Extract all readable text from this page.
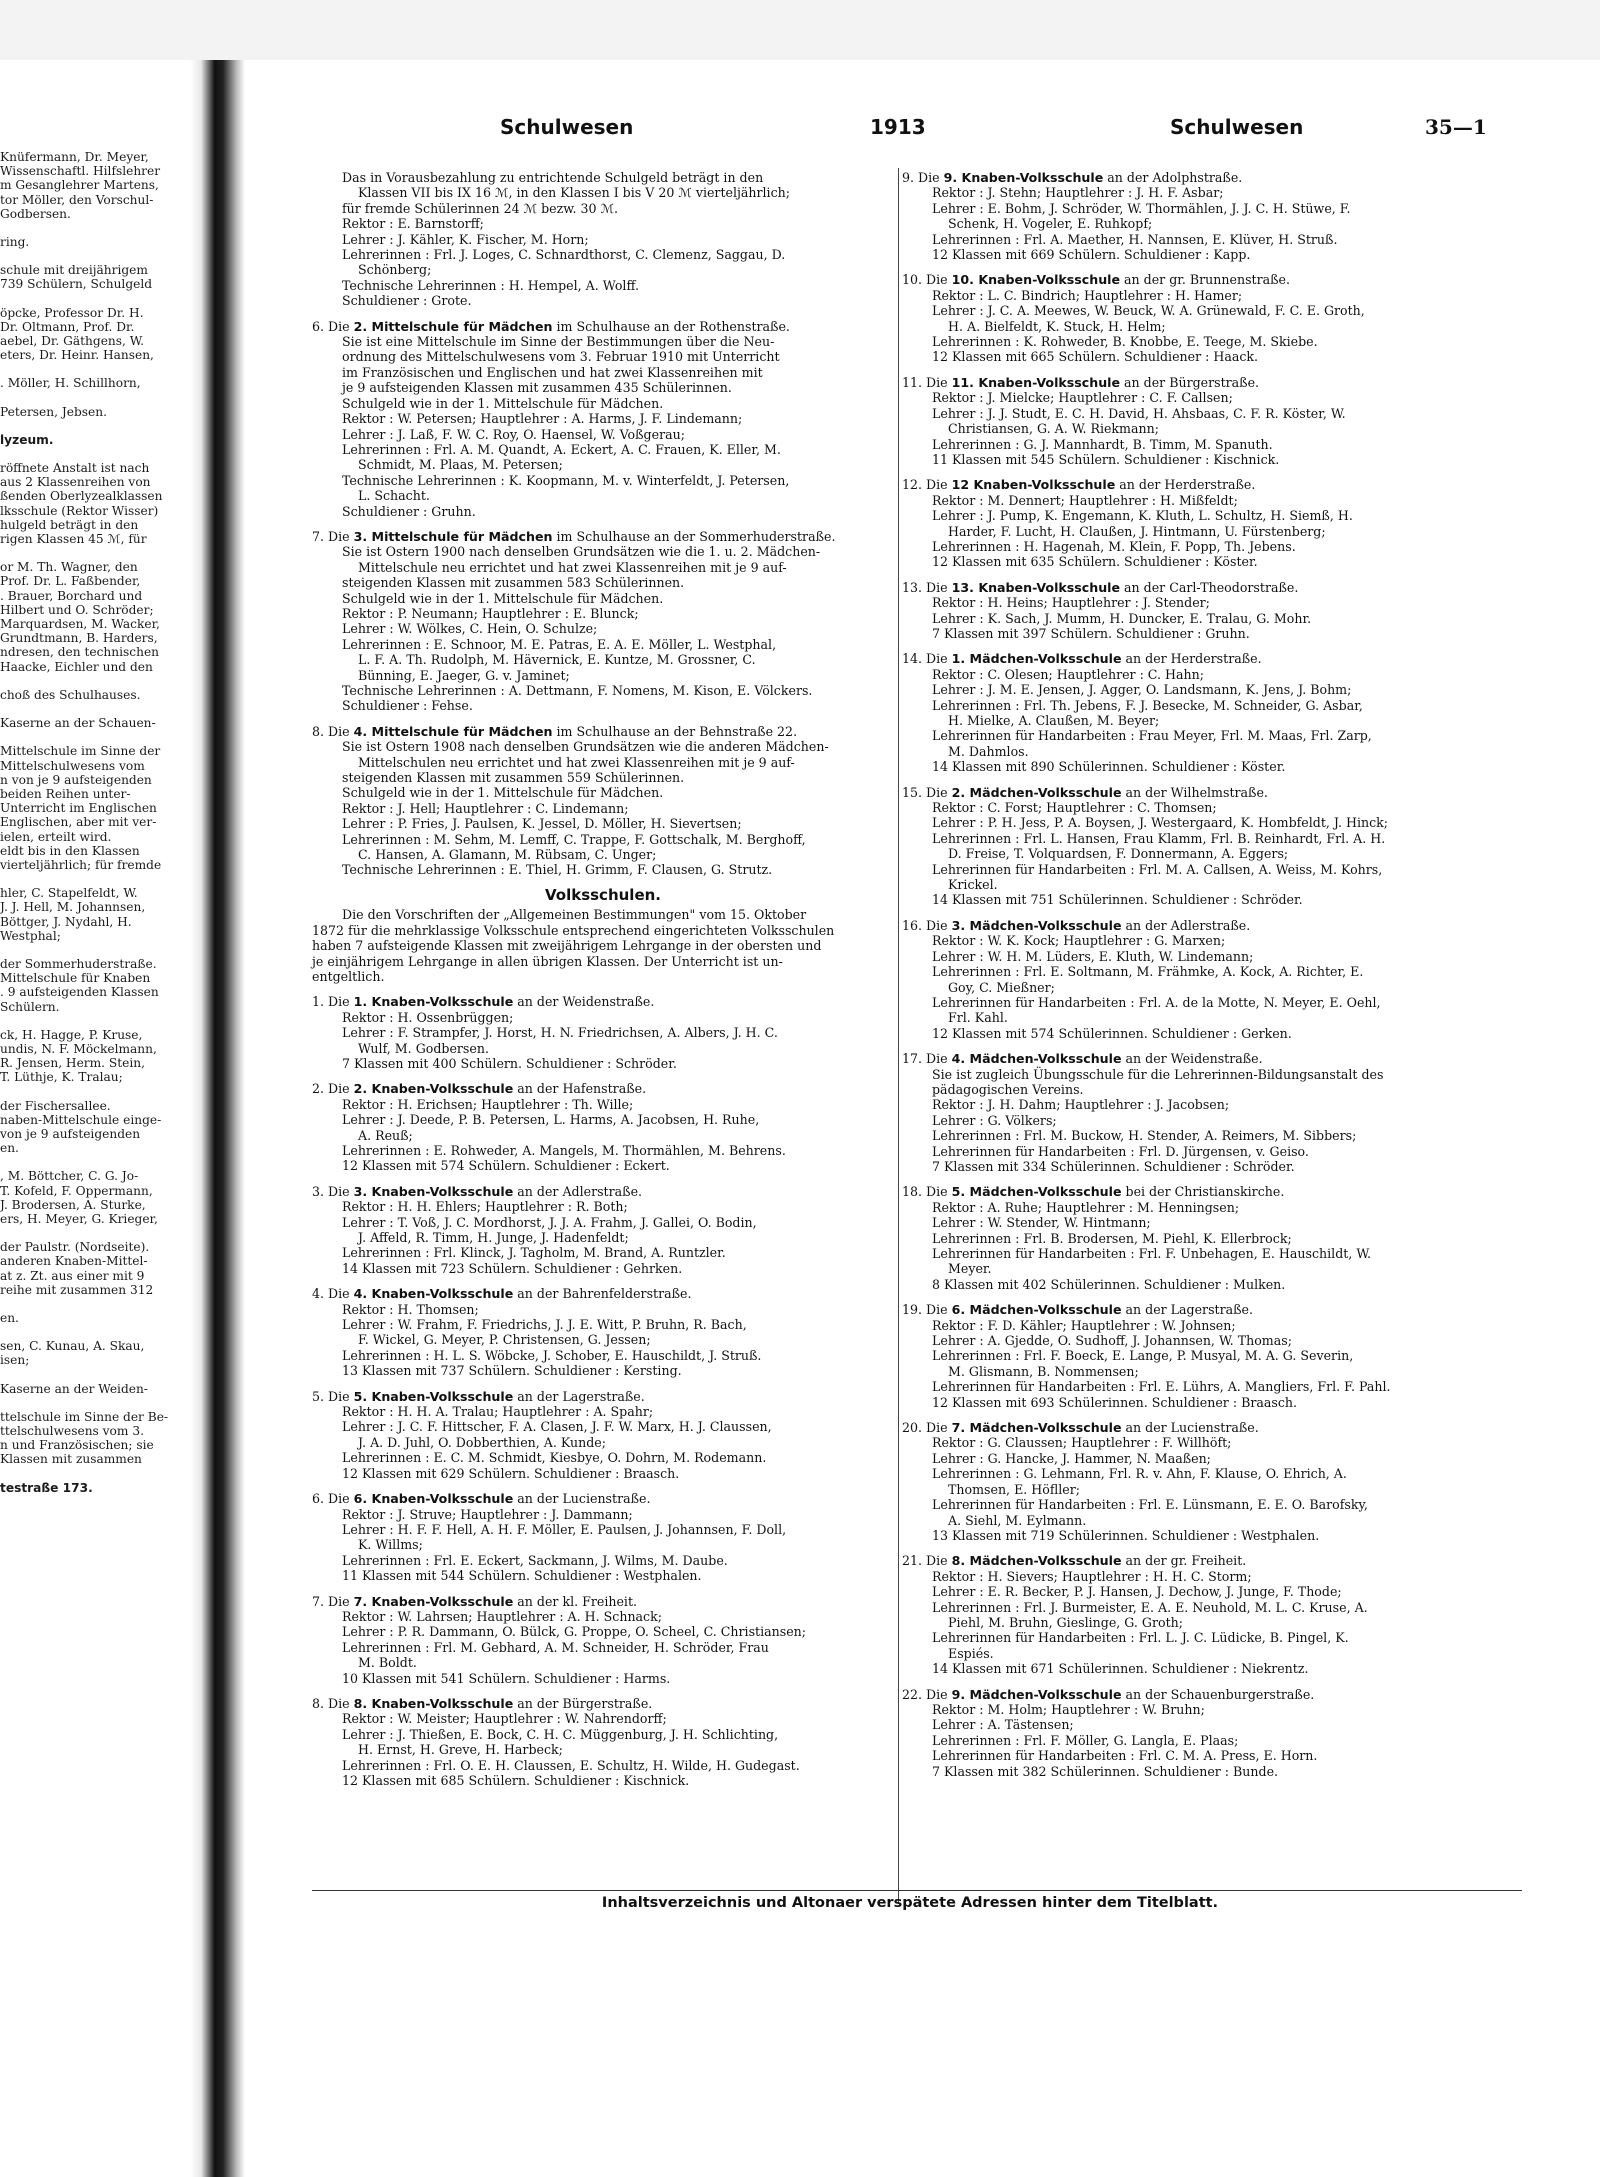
Knüfermann, Dr. Meyer,
Wissenschaftl. Hilfslehrer
m Gesanglehrer Martens,
tor Möller, den Vorschul-
Godbersen.
ring.
schule mit dreijährigem
739 Schülern, Schulgeld
öpcke, Professor Dr. H.
Dr. Oltmann, Prof. Dr.
aebel, Dr. Gäthgens, W.
eters, Dr. Heinr. Hansen,
. Möller, H. Schillhorn,
Petersen, Jebsen.
lyzeum.
röffnete Anstalt ist nach
aus 2 Klassenreihen von
ßenden Oberlyzealklassen
lksschule (Rektor Wisser)
hulgeld beträgt in den
rigen Klassen 45 ℳ, für
or M. Th. Wagner, den
Prof. Dr. L. Faßbender,
. Brauer, Borchard und
Hilbert und O. Schröder;
Marquardsen, M. Wacker,
Grundtmann, B. Harders,
ndresen, den technischen
Haacke, Eichler und den
choß des Schulhauses.
Kaserne an der Schauen-
Mittelschule im Sinne der
Mittelschulwesens vom
n von je 9 aufsteigenden
beiden Reihen unter-
Unterricht im Englischen
Englischen, aber mit ver-
ielen, erteilt wird.
eldt bis in den Klassen
vierteljährlich; für fremde
hler, C. Stapelfeldt, W.
J. J. Hell, M. Johannsen,
Böttger, J. Nydahl, H.
Westphal;
der Sommerhuderstraße.
Mittelschule für Knaben
. 9 aufsteigenden Klassen
Schülern.
ck, H. Hagge, P. Kruse,
undis, N. F. Möckelmann,
R. Jensen, Herm. Stein,
T. Lüthje, K. Tralau;
der Fischersallee.
naben-Mittelschule einge-
von je 9 aufsteigenden
en.
, M. Böttcher, C. G. Jo-
T. Kofeld, F. Oppermann,
J. Brodersen, A. Sturke,
ers, H. Meyer, G. Krieger,
der Paulstr. (Nordseite).
anderen Knaben-Mittel-
at z. Zt. aus einer mit 9
reihe mit zusammen 312
en.
sen, C. Kunau, A. Skau,
isen;
Kaserne an der Weiden-
ttelschule im Sinne der Be-
ttelschulwesens vom 3.
n und Französischen; sie
Klassen mit zusammen
testraße 173.
Schulwesen	1913	Schulwesen	35—1
Das in Vorausbezahlung zu entrichtende Schulgeld beträgt in den
Klassen VII bis IX 16 ℳ, in den Klassen I bis V 20 ℳ vierteljährlich;
für fremde Schülerinnen 24 ℳ bezw. 30 ℳ.
Rektor : E. Barnstorff;
Lehrer : J. Kähler, K. Fischer, M. Horn;
Lehrerinnen : Frl. J. Loges, C. Schnardthorst, C. Clemenz, Saggau, D.
Schönberg;
Technische Lehrerinnen : H. Hempel, A. Wolff.
Schuldiener : Grote.
6. Die 2. Mittelschule für Mädchen im Schulhause an der Rothenstraße.
Sie ist eine Mittelschule im Sinne der Bestimmungen über die Neu-
ordnung des Mittelschulwesens vom 3. Februar 1910 mit Unterricht
im Französischen und Englischen und hat zwei Klassenreihen mit
je 9 aufsteigenden Klassen mit zusammen 435 Schülerinnen.
Schulgeld wie in der 1. Mittelschule für Mädchen.
Rektor : W. Petersen; Hauptlehrer : A. Harms, J. F. Lindemann;
Lehrer : J. Laß, F. W. C. Roy, O. Haensel, W. Voßgerau;
Lehrerinnen : Frl. A. M. Quandt, A. Eckert, A. C. Frauen, K. Eller, M.
Schmidt, M. Plaas, M. Petersen;
Technische Lehrerinnen : K. Koopmann, M. v. Winterfeldt, J. Petersen,
L. Schacht.
Schuldiener : Gruhn.
7. Die 3. Mittelschule für Mädchen im Schulhause an der Sommerhuderstraße.
Sie ist Ostern 1900 nach denselben Grundsätzen wie die 1. u. 2. Mädchen-
Mittelschule neu errichtet und hat zwei Klassenreihen mit je 9 auf-
steigenden Klassen mit zusammen 583 Schülerinnen.
Schulgeld wie in der 1. Mittelschule für Mädchen.
Rektor : P. Neumann; Hauptlehrer : E. Blunck;
Lehrer : W. Wölkes, C. Hein, O. Schulze;
Lehrerinnen : E. Schnoor, M. E. Patras, E. A. E. Möller, L. Westphal,
L. F. A. Th. Rudolph, M. Hävernick, E. Kuntze, M. Grossner, C.
Bünning, E. Jaeger, G. v. Jaminet;
Technische Lehrerinnen : A. Dettmann, F. Nomens, M. Kison, E. Völckers.
Schuldiener : Fehse.
8. Die 4. Mittelschule für Mädchen im Schulhause an der Behnstraße 22.
Sie ist Ostern 1908 nach denselben Grundsätzen wie die anderen Mädchen-
Mittelschulen neu errichtet und hat zwei Klassenreihen mit je 9 auf-
steigenden Klassen mit zusammen 559 Schülerinnen.
Schulgeld wie in der 1. Mittelschule für Mädchen.
Rektor : J. Hell; Hauptlehrer : C. Lindemann;
Lehrer : P. Fries, J. Paulsen, K. Jessel, D. Möller, H. Sievertsen;
Lehrerinnen : M. Sehm, M. Lemff, C. Trappe, F. Gottschalk, M. Berghoff,
C. Hansen, A. Glamann, M. Rübsam, C. Unger;
Technische Lehrerinnen : E. Thiel, H. Grimm, F. Clausen, G. Strutz.
Volksschulen.
Die den Vorschriften der „Allgemeinen Bestimmungen" vom 15. Oktober
1872 für die mehrklassige Volksschule entsprechend eingerichteten Volksschulen
haben 7 aufsteigende Klassen mit zweijährigem Lehrgange in der obersten und
je einjährigem Lehrgange in allen übrigen Klassen. Der Unterricht ist un-
entgeltlich.
1. Die 1. Knaben-Volksschule an der Weidenstraße.
Rektor : H. Ossenbrüggen;
Lehrer : F. Strampfer, J. Horst, H. N. Friedrichsen, A. Albers, J. H. C.
Wulf, M. Godbersen.
7 Klassen mit 400 Schülern. Schuldiener : Schröder.
2. Die 2. Knaben-Volksschule an der Hafenstraße.
Rektor : H. Erichsen; Hauptlehrer : Th. Wille;
Lehrer : J. Deede, P. B. Petersen, L. Harms, A. Jacobsen, H. Ruhe,
A. Reuß;
Lehrerinnen : E. Rohweder, A. Mangels, M. Thormählen, M. Behrens.
12 Klassen mit 574 Schülern. Schuldiener : Eckert.
3. Die 3. Knaben-Volksschule an der Adlerstraße.
Rektor : H. H. Ehlers; Hauptlehrer : R. Both;
Lehrer : T. Voß, J. C. Mordhorst, J. J. A. Frahm, J. Gallei, O. Bodin,
J. Affeld, R. Timm, H. Junge, J. Hadenfeldt;
Lehrerinnen : Frl. Klinck, J. Tagholm, M. Brand, A. Runtzler.
14 Klassen mit 723 Schülern. Schuldiener : Gehrken.
4. Die 4. Knaben-Volksschule an der Bahrenfelderstraße.
Rektor : H. Thomsen;
Lehrer : W. Frahm, F. Friedrichs, J. J. E. Witt, P. Bruhn, R. Bach,
F. Wickel, G. Meyer, P. Christensen, G. Jessen;
Lehrerinnen : H. L. S. Wöbcke, J. Schober, E. Hauschildt, J. Struß.
13 Klassen mit 737 Schülern. Schuldiener : Kersting.
5. Die 5. Knaben-Volksschule an der Lagerstraße.
Rektor : H. H. A. Tralau; Hauptlehrer : A. Spahr;
Lehrer : J. C. F. Hittscher, F. A. Clasen, J. F. W. Marx, H. J. Claussen,
J. A. D. Juhl, O. Dobberthien, A. Kunde;
Lehrerinnen : E. C. M. Schmidt, Kiesbye, O. Dohrn, M. Rodemann.
12 Klassen mit 629 Schülern. Schuldiener : Braasch.
6. Die 6. Knaben-Volksschule an der Lucienstraße.
Rektor : J. Struve; Hauptlehrer : J. Dammann;
Lehrer : H. F. F. Hell, A. H. F. Möller, E. Paulsen, J. Johannsen, F. Doll,
K. Willms;
Lehrerinnen : Frl. E. Eckert, Sackmann, J. Wilms, M. Daube.
11 Klassen mit 544 Schülern. Schuldiener : Westphalen.
7. Die 7. Knaben-Volksschule an der kl. Freiheit.
Rektor : W. Lahrsen; Hauptlehrer : A. H. Schnack;
Lehrer : P. R. Dammann, O. Bülck, G. Proppe, O. Scheel, C. Christiansen;
Lehrerinnen : Frl. M. Gebhard, A. M. Schneider, H. Schröder, Frau
M. Boldt.
10 Klassen mit 541 Schülern. Schuldiener : Harms.
8. Die 8. Knaben-Volksschule an der Bürgerstraße.
Rektor : W. Meister; Hauptlehrer : W. Nahrendorff;
Lehrer : J. Thießen, E. Bock, C. H. C. Müggenburg, J. H. Schlichting,
H. Ernst, H. Greve, H. Harbeck;
Lehrerinnen : Frl. O. E. H. Claussen, E. Schultz, H. Wilde, H. Gudegast.
12 Klassen mit 685 Schülern. Schuldiener : Kischnick.
9. Die 9. Knaben-Volksschule an der Adolphstraße.
Rektor : J. Stehn; Hauptlehrer : J. H. F. Asbar;
Lehrer : E. Bohm, J. Schröder, W. Thormählen, J. J. C. H. Stüwe, F.
Schenk, H. Vogeler, E. Ruhkopf;
Lehrerinnen : Frl. A. Maether, H. Nannsen, E. Klüver, H. Struß.
12 Klassen mit 669 Schülern. Schuldiener : Kapp.
10. Die 10. Knaben-Volksschule an der gr. Brunnenstraße.
Rektor : L. C. Bindrich; Hauptlehrer : H. Hamer;
Lehrer : J. C. A. Meewes, W. Beuck, W. A. Grünewald, F. C. E. Groth,
H. A. Bielfeldt, K. Stuck, H. Helm;
Lehrerinnen : K. Rohweder, B. Knobbe, E. Teege, M. Skiebe.
12 Klassen mit 665 Schülern. Schuldiener : Haack.
11. Die 11. Knaben-Volksschule an der Bürgerstraße.
Rektor : J. Mielcke; Hauptlehrer : C. F. Callsen;
Lehrer : J. J. Studt, E. C. H. David, H. Ahsbaas, C. F. R. Köster, W.
Christiansen, G. A. W. Riekmann;
Lehrerinnen : G. J. Mannhardt, B. Timm, M. Spanuth.
11 Klassen mit 545 Schülern. Schuldiener : Kischnick.
12. Die 12 Knaben-Volksschule an der Herderstraße.
Rektor : M. Dennert; Hauptlehrer : H. Mißfeldt;
Lehrer : J. Pump, K. Engemann, K. Kluth, L. Schultz, H. Siemß, H.
Harder, F. Lucht, H. Claußen, J. Hintmann, U. Fürstenberg;
Lehrerinnen : H. Hagenah, M. Klein, F. Popp, Th. Jebens.
12 Klassen mit 635 Schülern. Schuldiener : Köster.
13. Die 13. Knaben-Volksschule an der Carl-Theodorstraße.
Rektor : H. Heins; Hauptlehrer : J. Stender;
Lehrer : K. Sach, J. Mumm, H. Duncker, E. Tralau, G. Mohr.
7 Klassen mit 397 Schülern. Schuldiener : Gruhn.
14. Die 1. Mädchen-Volksschule an der Herderstraße.
Rektor : C. Olesen; Hauptlehrer : C. Hahn;
Lehrer : J. M. E. Jensen, J. Agger, O. Landsmann, K. Jens, J. Bohm;
Lehrerinnen : Frl. Th. Jebens, F. J. Besecke, M. Schneider, G. Asbar,
H. Mielke, A. Claußen, M. Beyer;
Lehrerinnen für Handarbeiten : Frau Meyer, Frl. M. Maas, Frl. Zarp,
M. Dahmlos.
14 Klassen mit 890 Schülerinnen. Schuldiener : Köster.
15. Die 2. Mädchen-Volksschule an der Wilhelmstraße.
Rektor : C. Forst; Hauptlehrer : C. Thomsen;
Lehrer : P. H. Jess, P. A. Boysen, J. Westergaard, K. Hombfeldt, J. Hinck;
Lehrerinnen : Frl. L. Hansen, Frau Klamm, Frl. B. Reinhardt, Frl. A. H.
D. Freise, T. Volquardsen, F. Donnermann, A. Eggers;
Lehrerinnen für Handarbeiten : Frl. M. A. Callsen, A. Weiss, M. Kohrs,
Krickel.
14 Klassen mit 751 Schülerinnen. Schuldiener : Schröder.
16. Die 3. Mädchen-Volksschule an der Adlerstraße.
Rektor : W. K. Kock; Hauptlehrer : G. Marxen;
Lehrer : W. H. M. Lüders, E. Kluth, W. Lindemann;
Lehrerinnen : Frl. E. Soltmann, M. Frähmke, A. Kock, A. Richter, E.
Goy, C. Mießner;
Lehrerinnen für Handarbeiten : Frl. A. de la Motte, N. Meyer, E. Oehl,
Frl. Kahl.
12 Klassen mit 574 Schülerinnen. Schuldiener : Gerken.
17. Die 4. Mädchen-Volksschule an der Weidenstraße.
Sie ist zugleich Übungsschule für die Lehrerinnen-Bildungsanstalt des
pädagogischen Vereins.
Rektor : J. H. Dahm; Hauptlehrer : J. Jacobsen;
Lehrer : G. Völkers;
Lehrerinnen : Frl. M. Buckow, H. Stender, A. Reimers, M. Sibbers;
Lehrerinnen für Handarbeiten : Frl. D. Jürgensen, v. Geiso.
7 Klassen mit 334 Schülerinnen. Schuldiener : Schröder.
18. Die 5. Mädchen-Volksschule bei der Christianskirche.
Rektor : A. Ruhe; Hauptlehrer : M. Henningsen;
Lehrer : W. Stender, W. Hintmann;
Lehrerinnen : Frl. B. Brodersen, M. Piehl, K. Ellerbrock;
Lehrerinnen für Handarbeiten : Frl. F. Unbehagen, E. Hauschildt, W.
Meyer.
8 Klassen mit 402 Schülerinnen. Schuldiener : Mulken.
19. Die 6. Mädchen-Volksschule an der Lagerstraße.
Rektor : F. D. Kähler; Hauptlehrer : W. Johnsen;
Lehrer : A. Gjedde, O. Sudhoff, J. Johannsen, W. Thomas;
Lehrerinnen : Frl. F. Boeck, E. Lange, P. Musyal, M. A. G. Severin,
M. Glismann, B. Nommensen;
Lehrerinnen für Handarbeiten : Frl. E. Lührs, A. Mangliers, Frl. F. Pahl.
12 Klassen mit 693 Schülerinnen. Schuldiener : Braasch.
20. Die 7. Mädchen-Volksschule an der Lucienstraße.
Rektor : G. Claussen; Hauptlehrer : F. Willhöft;
Lehrer : G. Hancke, J. Hammer, N. Maaßen;
Lehrerinnen : G. Lehmann, Frl. R. v. Ahn, F. Klause, O. Ehrich, A.
Thomsen, E. Höfller;
Lehrerinnen für Handarbeiten : Frl. E. Lünsmann, E. E. O. Barofsky,
A. Siehl, M. Eylmann.
13 Klassen mit 719 Schülerinnen. Schuldiener : Westphalen.
21. Die 8. Mädchen-Volksschule an der gr. Freiheit.
Rektor : H. Sievers; Hauptlehrer : H. H. C. Storm;
Lehrer : E. R. Becker, P. J. Hansen, J. Dechow, J. Junge, F. Thode;
Lehrerinnen : Frl. J. Burmeister, E. A. E. Neuhold, M. L. C. Kruse, A.
Piehl, M. Bruhn, Gieslinge, G. Groth;
Lehrerinnen für Handarbeiten : Frl. L. J. C. Lüdicke, B. Pingel, K.
Espiés.
14 Klassen mit 671 Schülerinnen. Schuldiener : Niekrentz.
22. Die 9. Mädchen-Volksschule an der Schauenburgerstraße.
Rektor : M. Holm; Hauptlehrer : W. Bruhn;
Lehrer : A. Tästensen;
Lehrerinnen : Frl. F. Möller, G. Langla, E. Plaas;
Lehrerinnen für Handarbeiten : Frl. C. M. A. Press, E. Horn.
7 Klassen mit 382 Schülerinnen. Schuldiener : Bunde.
Inhaltsverzeichnis und Altonaer verspätete Adressen hinter dem Titelblatt.
